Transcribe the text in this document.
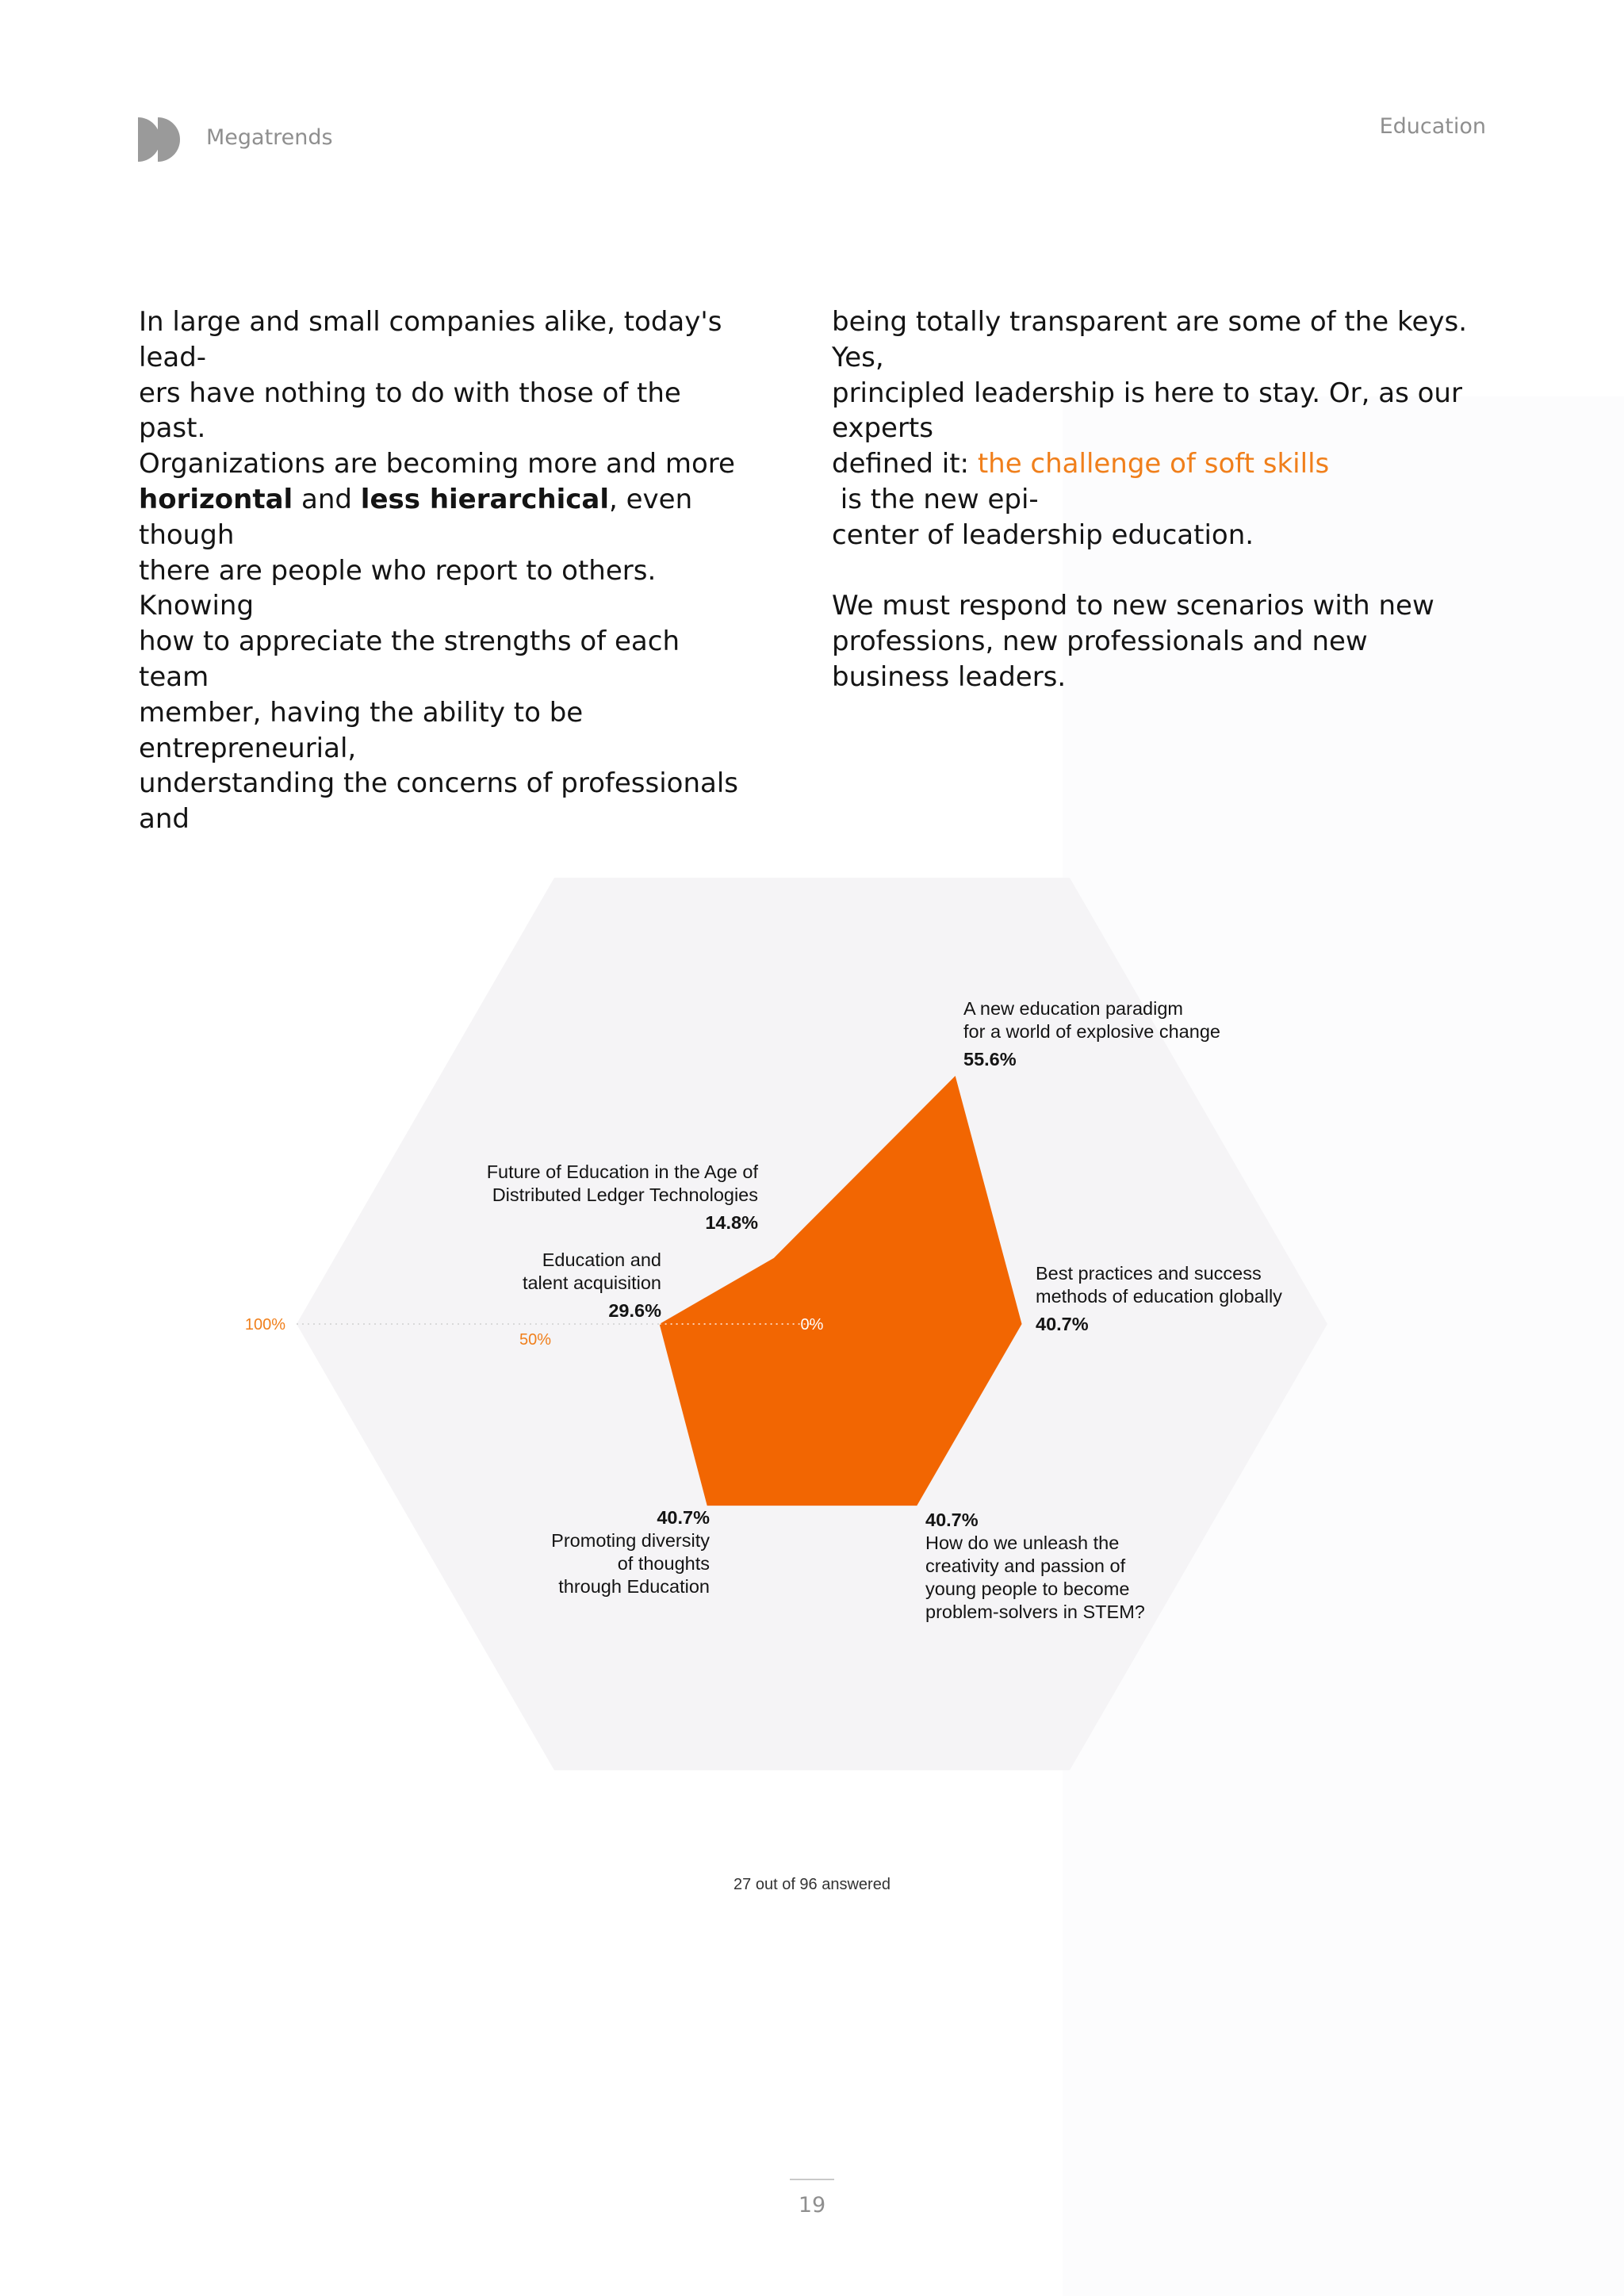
Megatrends	Education

In large and small companies alike, today's lead-

ers have nothing to do with those of the past.

Organizations are becoming more and more

horizontal and less hierarchical, even though

there are people who report to others. Knowing

how to appreciate the strengths of each team

member, having the ability to be entrepreneurial,

understanding the concerns of professionals and

being totally transparent are some of the keys. Yes,

principled leadership is here to stay. Or, as our experts

defined it: the challenge of soft skills is the new epi-

center of leadership education.

We must respond to new scenarios with new

professions, new professionals and new

business leaders.

100%
50%
0%
A new education paradigm
for a world of explosive change
55.6%
Best practices and success
methods of education globally
40.7%
40.7%
How do we unleash the
creativity and passion of
young people to become
problem-solvers in STEM?
40.7%
Promoting diversity
of thoughts
through Education
Education and
talent acquisition
29.6%
Future of Education in the Age of
Distributed Ledger Technologies
14.8%
27 out of 96 answered
19
